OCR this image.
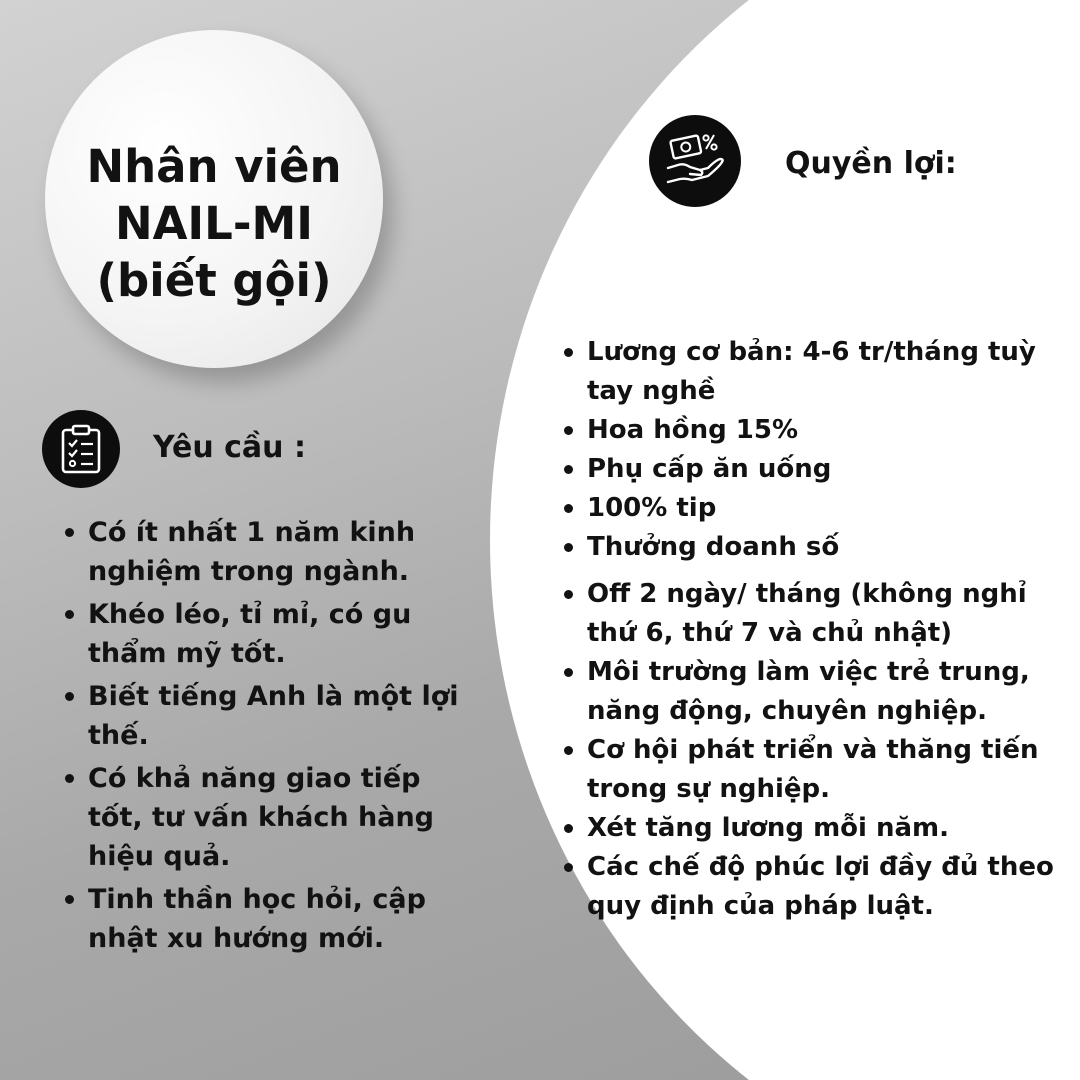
Nhân viên
NAIL-MI
(biết gội)
Yêu cầu :
Có ít nhất 1 năm kinh nghiệm trong ngành.
Khéo léo, tỉ mỉ, có gu thẩm mỹ tốt.
Biết tiếng Anh là một lợi thế.
Có khả năng giao tiếp tốt, tư vấn khách hàng hiệu quả.
Tinh thần học hỏi, cập nhật xu hướng mới.
Quyền lợi:
Lương cơ bản: 4-6 tr/tháng tuỳ tay nghề
Hoa hồng 15%
Phụ cấp ăn uống
100% tip
Thưởng doanh số
Off 2 ngày/ tháng (không nghỉ thứ 6, thứ 7 và chủ nhật)
Môi trường làm việc trẻ trung, năng động, chuyên nghiệp.
Cơ hội phát triển và thăng tiến trong sự nghiệp.
Xét tăng lương mỗi năm.
Các chế độ phúc lợi đầy đủ theo quy định của pháp luật.
